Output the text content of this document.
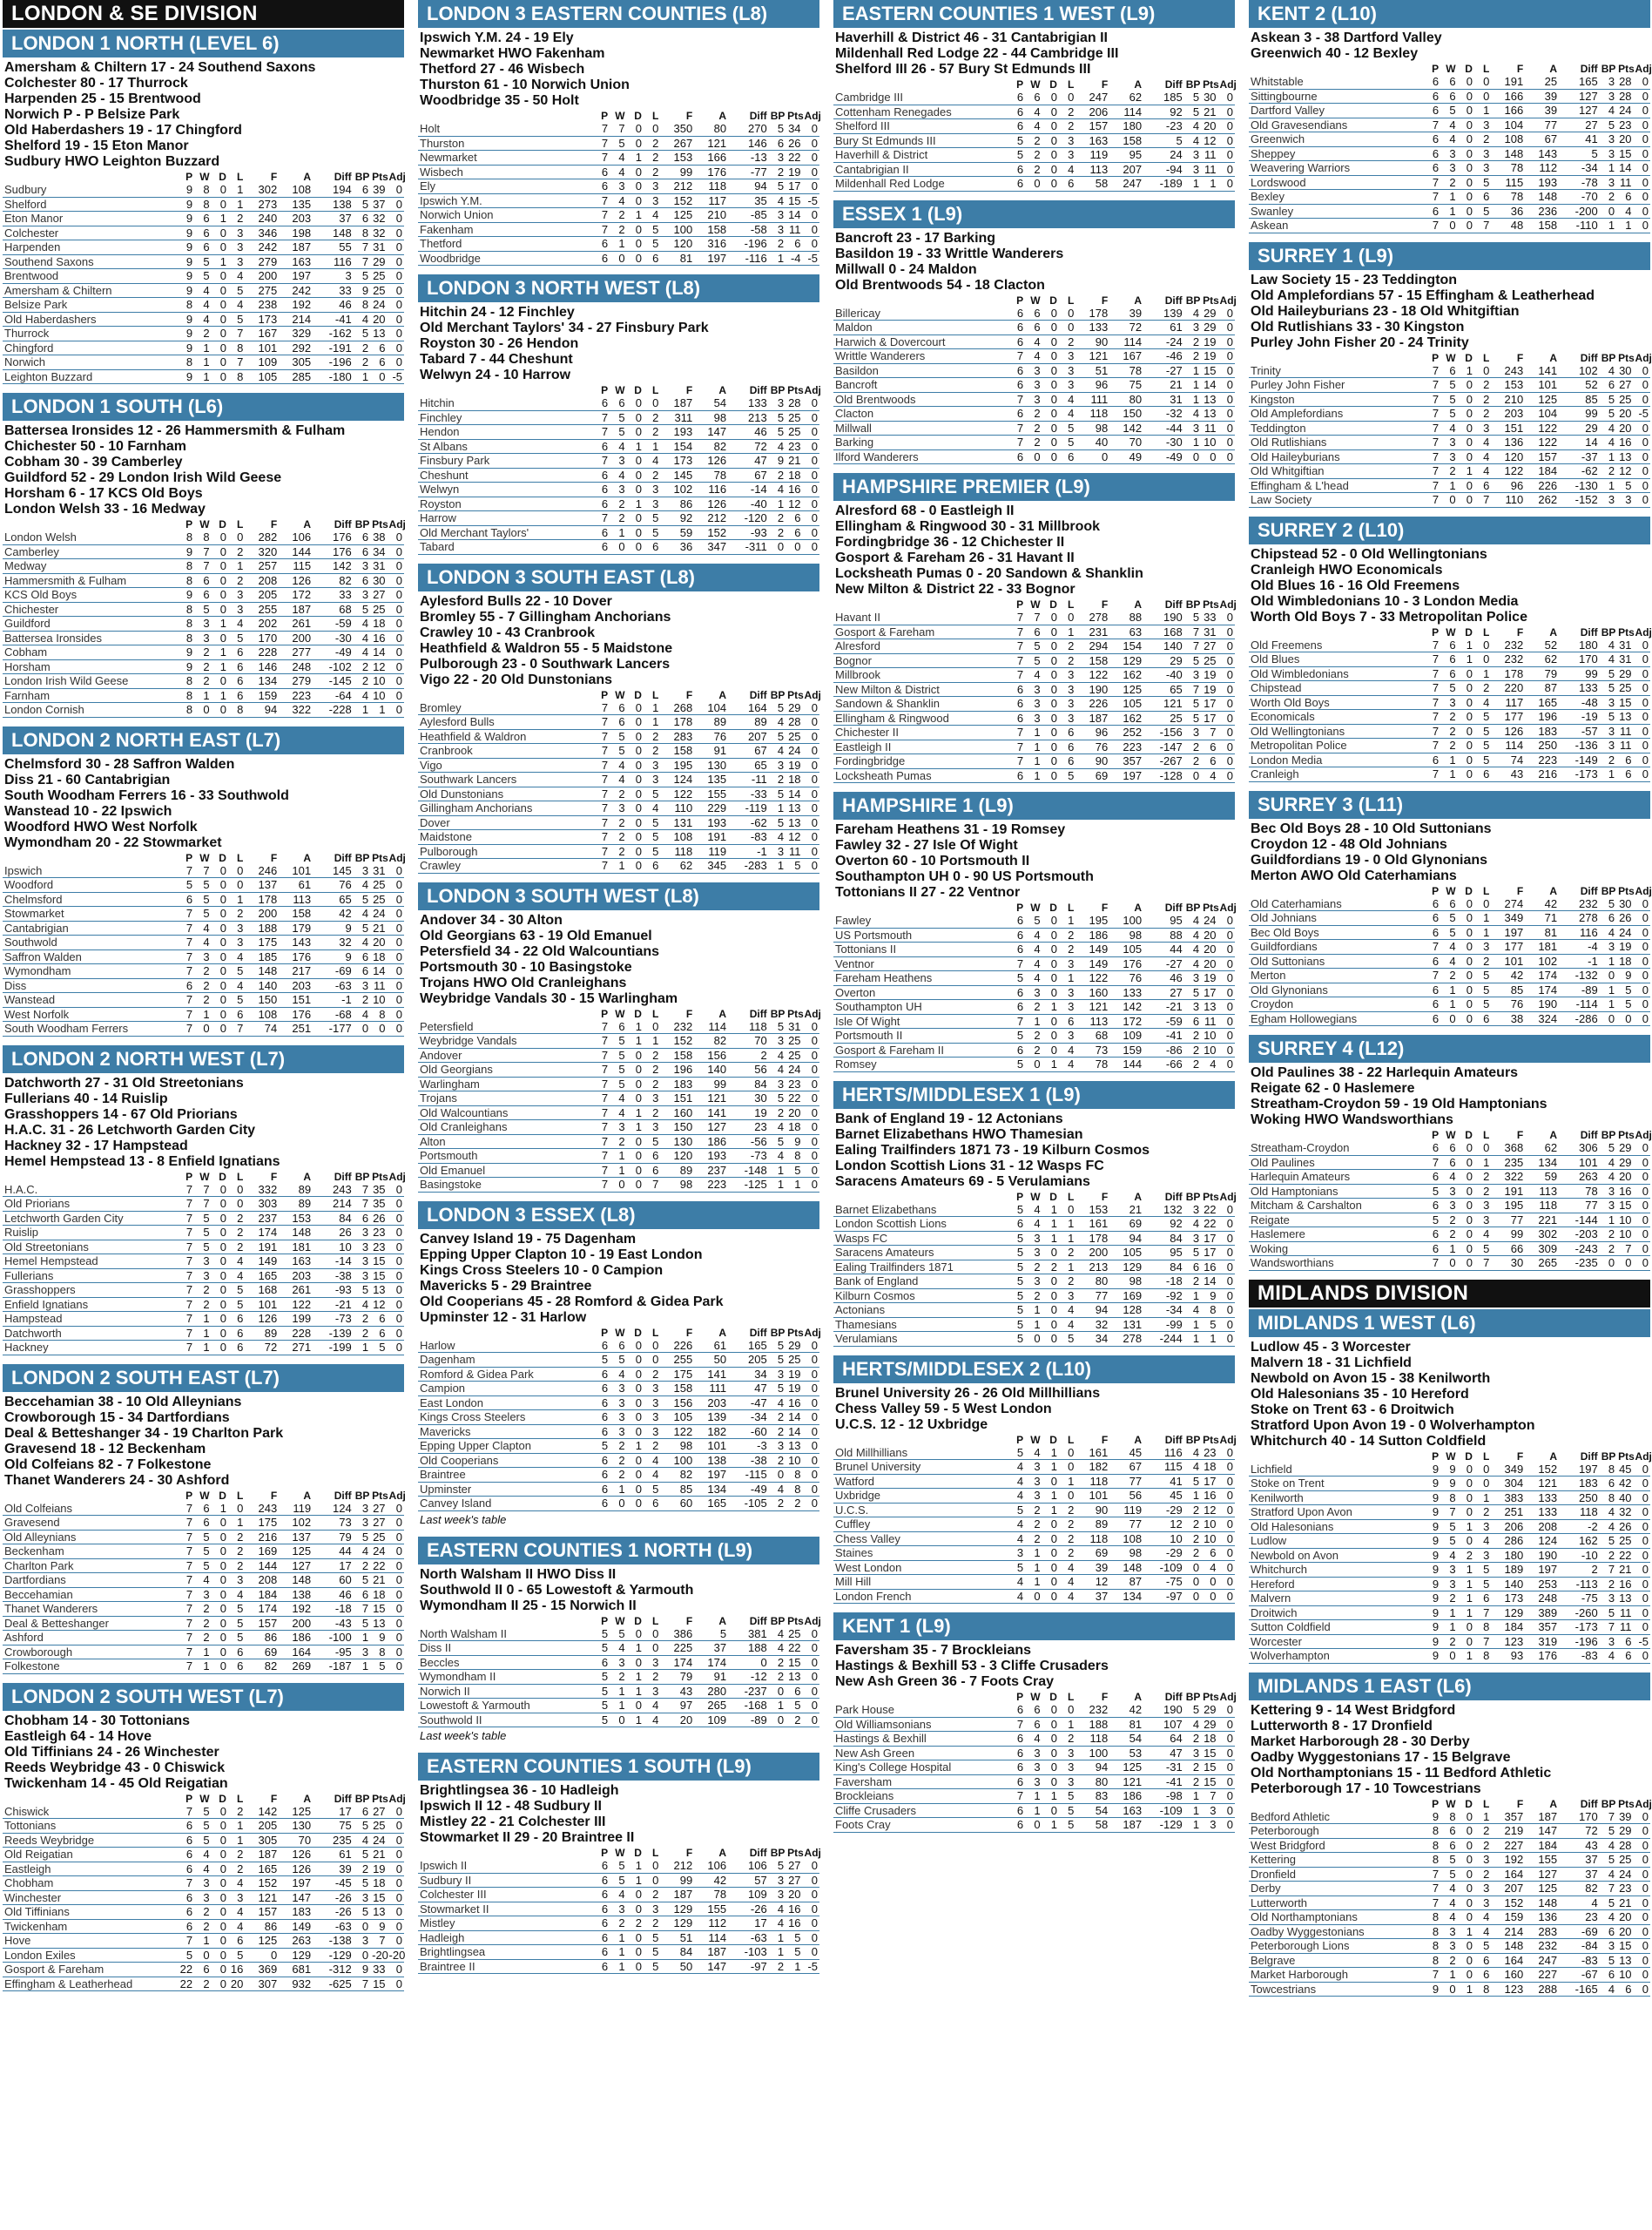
LONDON & SE DIVISION
LONDON 1 NORTH (LEVEL 6)
Amersham & Chiltern 17 - 24 Southend Saxons
Colchester 80 - 17 Thurrock
Harpenden 25 - 15 Brentwood
Norwich P - P Belsize Park
Old Haberdashers 19 - 17 Chingford
Shelford 19 - 15 Eton Manor
Sudbury HWO Leighton Buzzard
	P	W	D	L	F	A	Diff	BP	Pts	Adj
Sudbury	9	8	0	1	302	108	194	6	39	0
Shelford	9	8	0	1	273	135	138	5	37	0
Eton Manor	9	6	1	2	240	203	37	6	32	0
Colchester	9	6	0	3	346	198	148	8	32	0
Harpenden	9	6	0	3	242	187	55	7	31	0
Southend Saxons	9	5	1	3	279	163	116	7	29	0
Brentwood	9	5	0	4	200	197	3	5	25	0
Amersham & Chiltern	9	4	0	5	275	242	33	9	25	0
Belsize Park	8	4	0	4	238	192	46	8	24	0
Old Haberdashers	9	4	0	5	173	214	-41	4	20	0
Thurrock	9	2	0	7	167	329	-162	5	13	0
Chingford	9	1	0	8	101	292	-191	2	6	0
Norwich	8	1	0	7	109	305	-196	2	6	0
Leighton Buzzard	9	1	0	8	105	285	-180	1	0	-5
LONDON 1 SOUTH (L6)
Battersea Ironsides 12 - 26 Hammersmith & Fulham
Chichester 50 - 10 Farnham
Cobham 30 - 39 Camberley
Guildford 52 - 29 London Irish Wild Geese
Horsham 6 - 17 KCS Old Boys
London Welsh 33 - 16 Medway
	P	W	D	L	F	A	Diff	BP	Pts	Adj
London Welsh	8	8	0	0	282	106	176	6	38	0
Camberley	9	7	0	2	320	144	176	6	34	0
Medway	8	7	0	1	257	115	142	3	31	0
Hammersmith & Fulham	8	6	0	2	208	126	82	6	30	0
KCS Old Boys	9	6	0	3	205	172	33	3	27	0
Chichester	8	5	0	3	255	187	68	5	25	0
Guildford	8	3	1	4	202	261	-59	4	18	0
Battersea Ironsides	8	3	0	5	170	200	-30	4	16	0
Cobham	9	2	1	6	228	277	-49	4	14	0
Horsham	9	2	1	6	146	248	-102	2	12	0
London Irish Wild Geese	8	2	0	6	134	279	-145	2	10	0
Farnham	8	1	1	6	159	223	-64	4	10	0
London Cornish	8	0	0	8	94	322	-228	1	1	0
LONDON 2 NORTH EAST (L7)
Chelmsford 30 - 28 Saffron Walden
Diss 21 - 60 Cantabrigian
South Woodham Ferrers 16 - 33 Southwold
Wanstead 10 - 22 Ipswich
Woodford HWO West Norfolk
Wymondham 20 - 22 Stowmarket
	P	W	D	L	F	A	Diff	BP	Pts	Adj
Ipswich	7	7	0	0	246	101	145	3	31	0
Woodford	5	5	0	0	137	61	76	4	25	0
Chelmsford	6	5	0	1	178	113	65	5	25	0
Stowmarket	7	5	0	2	200	158	42	4	24	0
Cantabrigian	7	4	0	3	188	179	9	5	21	0
Southwold	7	4	0	3	175	143	32	4	20	0
Saffron Walden	7	3	0	4	185	176	9	6	18	0
Wymondham	7	2	0	5	148	217	-69	6	14	0
Diss	6	2	0	4	140	203	-63	3	11	0
Wanstead	7	2	0	5	150	151	-1	2	10	0
West Norfolk	7	1	0	6	108	176	-68	4	8	0
South Woodham Ferrers	7	0	0	7	74	251	-177	0	0	0
LONDON 2 NORTH WEST (L7)
Datchworth 27 - 31 Old Streetonians
Fullerians 40 - 14 Ruislip
Grasshoppers 14 - 67 Old Priorians
H.A.C. 31 - 26 Letchworth Garden City
Hackney 32 - 17 Hampstead
Hemel Hempstead 13 - 8 Enfield Ignatians
	P	W	D	L	F	A	Diff	BP	Pts	Adj
H.A.C.	7	7	0	0	332	89	243	7	35	0
Old Priorians	7	7	0	0	303	89	214	7	35	0
Letchworth Garden City	7	5	0	2	237	153	84	6	26	0
Ruislip	7	5	0	2	174	148	26	3	23	0
Old Streetonians	7	5	0	2	191	181	10	3	23	0
Hemel Hempstead	7	3	0	4	149	163	-14	3	15	0
Fullerians	7	3	0	4	165	203	-38	3	15	0
Grasshoppers	7	2	0	5	168	261	-93	5	13	0
Enfield Ignatians	7	2	0	5	101	122	-21	4	12	0
Hampstead	7	1	0	6	126	199	-73	2	6	0
Datchworth	7	1	0	6	89	228	-139	2	6	0
Hackney	7	1	0	6	72	271	-199	1	5	0
LONDON 2 SOUTH EAST (L7)
Beccehamian 38 - 10 Old Alleynians
Crowborough 15 - 34 Dartfordians
Deal & Betteshanger 34 - 19 Charlton Park
Gravesend 18 - 12 Beckenham
Old Colfeians 82 - 7 Folkestone
Thanet Wanderers 24 - 30 Ashford
	P	W	D	L	F	A	Diff	BP	Pts	Adj
Old Colfeians	7	6	1	0	243	119	124	3	27	0
Gravesend	7	6	0	1	175	102	73	3	27	0
Old Alleynians	7	5	0	2	216	137	79	5	25	0
Beckenham	7	5	0	2	169	125	44	4	24	0
Charlton Park	7	5	0	2	144	127	17	2	22	0
Dartfordians	7	4	0	3	208	148	60	5	21	0
Beccehamian	7	3	0	4	184	138	46	6	18	0
Thanet Wanderers	7	2	0	5	174	192	-18	7	15	0
Deal & Betteshanger	7	2	0	5	157	200	-43	5	13	0
Ashford	7	2	0	5	86	186	-100	1	9	0
Crowborough	7	1	0	6	69	164	-95	3	8	0
Folkestone	7	1	0	6	82	269	-187	1	5	0
LONDON 2 SOUTH WEST (L7)
Chobham 14 - 30 Tottonians
Eastleigh 64 - 14 Hove
Old Tiffinians 24 - 26 Winchester
Reeds Weybridge 43 - 0 Chiswick
Twickenham 14 - 45 Old Reigatian
	P	W	D	L	F	A	Diff	BP	Pts	Adj
Chiswick	7	5	0	2	142	125	17	6	27	0
Tottonians	6	5	0	1	205	130	75	5	25	0
Reeds Weybridge	6	5	0	1	305	70	235	4	24	0
Old Reigatian	6	4	0	2	187	126	61	5	21	0
Eastleigh	6	4	0	2	165	126	39	2	19	0
Chobham	7	3	0	4	152	197	-45	5	18	0
Winchester	6	3	0	3	121	147	-26	3	15	0
Old Tiffinians	6	2	0	4	157	183	-26	5	13	0
Twickenham	6	2	0	4	86	149	-63	0	9	0
Hove	7	1	0	6	125	263	-138	3	7	0
London Exiles	5	0	0	5	0	129	-129	0	-20	-20
Gosport & Fareham	22	6	0	16	369	681	-312	9	33	0
Effingham & Leatherhead	22	2	0	20	307	932	-625	7	15	0
LONDON 3 EASTERN COUNTIES (L8)
Ipswich Y.M. 24 - 19 Ely
Newmarket HWO Fakenham
Thetford 27 - 46 Wisbech
Thurston 61 - 10 Norwich Union
Woodbridge 35 - 50 Holt
	P	W	D	L	F	A	Diff	BP	Pts	Adj
Holt	7	7	0	0	350	80	270	5	34	0
Thurston	7	5	0	2	267	121	146	6	26	0
Newmarket	7	4	1	2	153	166	-13	3	22	0
Wisbech	6	4	0	2	99	176	-77	2	19	0
Ely	6	3	0	3	212	118	94	5	17	0
Ipswich Y.M.	7	4	0	3	152	117	35	4	15	-5
Norwich Union	7	2	1	4	125	210	-85	3	14	0
Fakenham	7	2	0	5	100	158	-58	3	11	0
Thetford	6	1	0	5	120	316	-196	2	6	0
Woodbridge	6	0	0	6	81	197	-116	1	-4	-5
LONDON 3 NORTH WEST (L8)
Hitchin 24 - 12 Finchley
Old Merchant Taylors' 34 - 27 Finsbury Park
Royston 30 - 26 Hendon
Tabard 7 - 44 Cheshunt
Welwyn 24 - 10 Harrow
	P	W	D	L	F	A	Diff	BP	Pts	Adj
Hitchin	6	6	0	0	187	54	133	3	28	0
Finchley	7	5	0	2	311	98	213	5	25	0
Hendon	7	5	0	2	193	147	46	5	25	0
St Albans	6	4	1	1	154	82	72	4	23	0
Finsbury Park	7	3	0	4	173	126	47	9	21	0
Cheshunt	6	4	0	2	145	78	67	2	18	0
Welwyn	6	3	0	3	102	116	-14	4	16	0
Royston	6	2	1	3	86	126	-40	1	12	0
Harrow	7	2	0	5	92	212	-120	2	6	0
Old Merchant Taylors'	6	1	0	5	59	152	-93	2	6	0
Tabard	6	0	0	6	36	347	-311	0	0	0
LONDON 3 SOUTH EAST (L8)
Aylesford Bulls 22 - 10 Dover
Bromley 55 - 7 Gillingham Anchorians
Crawley 10 - 43 Cranbrook
Heathfield & Waldron 55 - 5 Maidstone
Pulborough 23 - 0 Southwark Lancers
Vigo 22 - 20 Old Dunstonians
	P	W	D	L	F	A	Diff	BP	Pts	Adj
Bromley	7	6	0	1	268	104	164	5	29	0
Aylesford Bulls	7	6	0	1	178	89	89	4	28	0
Heathfield & Waldron	7	5	0	2	283	76	207	5	25	0
Cranbrook	7	5	0	2	158	91	67	4	24	0
Vigo	7	4	0	3	195	130	65	3	19	0
Southwark Lancers	7	4	0	3	124	135	-11	2	18	0
Old Dunstonians	7	2	0	5	122	155	-33	5	14	0
Gillingham Anchorians	7	3	0	4	110	229	-119	1	13	0
Dover	7	2	0	5	131	193	-62	5	13	0
Maidstone	7	2	0	5	108	191	-83	4	12	0
Pulborough	7	2	0	5	118	119	-1	3	11	0
Crawley	7	1	0	6	62	345	-283	1	5	0
LONDON 3 SOUTH WEST (L8)
Andover 34 - 30 Alton
Old Georgians 63 - 19 Old Emanuel
Petersfield 34 - 22 Old Walcountians
Portsmouth 30 - 10 Basingstoke
Trojans HWO Old Cranleighans
Weybridge Vandals 30 - 15 Warlingham
	P	W	D	L	F	A	Diff	BP	Pts	Adj
Petersfield	7	6	1	0	232	114	118	5	31	0
Weybridge Vandals	7	5	1	1	152	82	70	3	25	0
Andover	7	5	0	2	158	156	2	4	25	0
Old Georgians	7	5	0	2	196	140	56	4	24	0
Warlingham	7	5	0	2	183	99	84	3	23	0
Trojans	7	4	0	3	151	121	30	5	22	0
Old Walcountians	7	4	1	2	160	141	19	2	20	0
Old Cranleighans	7	3	1	3	150	127	23	4	18	0
Alton	7	2	0	5	130	186	-56	5	9	0
Portsmouth	7	1	0	6	120	193	-73	4	8	0
Old Emanuel	7	1	0	6	89	237	-148	1	5	0
Basingstoke	7	0	0	7	98	223	-125	1	1	0
LONDON 3 ESSEX (L8)
Canvey Island 19 - 75 Dagenham
Epping Upper Clapton 10 - 19 East London
Kings Cross Steelers 10 - 0 Campion
Mavericks 5 - 29 Braintree
Old Cooperians 45 - 28 Romford & Gidea Park
Upminster 12 - 31 Harlow
	P	W	D	L	F	A	Diff	BP	Pts	Adj
Harlow	6	6	0	0	226	61	165	5	29	0
Dagenham	5	5	0	0	255	50	205	5	25	0
Romford & Gidea Park	6	4	0	2	175	141	34	3	19	0
Campion	6	3	0	3	158	111	47	5	19	0
East London	6	3	0	3	156	203	-47	4	16	0
Kings Cross Steelers	6	3	0	3	105	139	-34	2	14	0
Mavericks	6	3	0	3	122	182	-60	2	14	0
Epping Upper Clapton	5	2	1	2	98	101	-3	3	13	0
Old Cooperians	6	2	0	4	100	138	-38	2	10	0
Braintree	6	2	0	4	82	197	-115	0	8	0
Upminster	6	1	0	5	85	134	-49	4	8	0
Canvey Island	6	0	0	6	60	165	-105	2	2	0
Last week's table
EASTERN COUNTIES 1 NORTH (L9)
North Walsham II HWO Diss II
Southwold II 0 - 65 Lowestoft & Yarmouth
Wymondham II 25 - 15 Norwich II
	P	W	D	L	F	A	Diff	BP	Pts	Adj
North Walsham II	5	5	0	0	386	5	381	4	25	0
Diss II	5	4	1	0	225	37	188	4	22	0
Beccles	6	3	0	3	174	174	0	2	15	0
Wymondham II	5	2	1	2	79	91	-12	2	13	0
Norwich II	5	1	1	3	43	280	-237	0	6	0
Lowestoft & Yarmouth	5	1	0	4	97	265	-168	1	5	0
Southwold II	5	0	1	4	20	109	-89	0	2	0
Last week's table
EASTERN COUNTIES 1 SOUTH (L9)
Brightlingsea 36 - 10 Hadleigh
Ipswich II 12 - 48 Sudbury II
Mistley 22 - 21 Colchester III
Stowmarket II 29 - 20 Braintree II
	P	W	D	L	F	A	Diff	BP	Pts	Adj
Ipswich II	6	5	1	0	212	106	106	5	27	0
Sudbury II	6	5	1	0	99	42	57	3	27	0
Colchester III	6	4	0	2	187	78	109	3	20	0
Stowmarket II	6	3	0	3	129	155	-26	4	16	0
Mistley	6	2	2	2	129	112	17	4	16	0
Hadleigh	6	1	0	5	51	114	-63	1	5	0
Brightlingsea	6	1	0	5	84	187	-103	1	5	0
Braintree II	6	1	0	5	50	147	-97	2	1	-5
EASTERN COUNTIES 1 WEST (L9)
Haverhill & District 46 - 31 Cantabrigian II
Mildenhall Red Lodge 22 - 44 Cambridge III
Shelford III 26 - 57 Bury St Edmunds III
	P	W	D	L	F	A	Diff	BP	Pts	Adj
Cambridge III	6	6	0	0	247	62	185	5	30	0
Cottenham Renegades	6	4	0	2	206	114	92	5	21	0
Shelford III	6	4	0	2	157	180	-23	4	20	0
Bury St Edmunds III	5	2	0	3	163	158	5	4	12	0
Haverhill & District	5	2	0	3	119	95	24	3	11	0
Cantabrigian II	6	2	0	4	113	207	-94	3	11	0
Mildenhall Red Lodge	6	0	0	6	58	247	-189	1	1	0
ESSEX 1 (L9)
Bancroft 23 - 17 Barking
Basildon 19 - 33 Writtle Wanderers
Millwall 0 - 24 Maldon
Old Brentwoods 54 - 18 Clacton
	P	W	D	L	F	A	Diff	BP	Pts	Adj
Billericay	6	6	0	0	178	39	139	4	29	0
Maldon	6	6	0	0	133	72	61	3	29	0
Harwich & Dovercourt	6	4	0	2	90	114	-24	2	19	0
Writtle Wanderers	7	4	0	3	121	167	-46	2	19	0
Basildon	6	3	0	3	51	78	-27	1	15	0
Bancroft	6	3	0	3	96	75	21	1	14	0
Old Brentwoods	7	3	0	4	111	80	31	1	13	0
Clacton	6	2	0	4	118	150	-32	4	13	0
Millwall	7	2	0	5	98	142	-44	3	11	0
Barking	7	2	0	5	40	70	-30	1	10	0
Ilford Wanderers	6	0	0	6	0	49	-49	0	0	0
HAMPSHIRE PREMIER (L9)
Alresford 68 - 0 Eastleigh II
Ellingham & Ringwood 30 - 31 Millbrook
Fordingbridge 36 - 12 Chichester II
Gosport & Fareham 26 - 31 Havant II
Locksheath Pumas 0 - 20 Sandown & Shanklin
New Milton & District 22 - 33 Bognor
	P	W	D	L	F	A	Diff	BP	Pts	Adj
Havant II	7	7	0	0	278	88	190	5	33	0
Gosport & Fareham	7	6	0	1	231	63	168	7	31	0
Alresford	7	5	0	2	294	154	140	7	27	0
Bognor	7	5	0	2	158	129	29	5	25	0
Millbrook	7	4	0	3	122	162	-40	3	19	0
New Milton & District	6	3	0	3	190	125	65	7	19	0
Sandown & Shanklin	6	3	0	3	226	105	121	5	17	0
Ellingham & Ringwood	6	3	0	3	187	162	25	5	17	0
Chichester II	7	1	0	6	96	252	-156	3	7	0
Eastleigh II	7	1	0	6	76	223	-147	2	6	0
Fordingbridge	7	1	0	6	90	357	-267	2	6	0
Locksheath Pumas	6	1	0	5	69	197	-128	0	4	0
HAMPSHIRE 1 (L9)
Fareham Heathens 31 - 19 Romsey
Fawley 32 - 27 Isle Of Wight
Overton 60 - 10 Portsmouth II
Southampton UH 0 - 90 US Portsmouth
Tottonians II 27 - 22 Ventnor
	P	W	D	L	F	A	Diff	BP	Pts	Adj
Fawley	6	5	0	1	195	100	95	4	24	0
US Portsmouth	6	4	0	2	186	98	88	4	20	0
Tottonians II	6	4	0	2	149	105	44	4	20	0
Ventnor	7	4	0	3	149	176	-27	4	20	0
Fareham Heathens	5	4	0	1	122	76	46	3	19	0
Overton	6	3	0	3	160	133	27	5	17	0
Southampton UH	6	2	1	3	121	142	-21	3	13	0
Isle Of Wight	7	1	0	6	113	172	-59	6	11	0
Portsmouth II	5	2	0	3	68	109	-41	2	10	0
Gosport & Fareham II	6	2	0	4	73	159	-86	2	10	0
Romsey	5	0	1	4	78	144	-66	2	4	0
HERTS/MIDDLESEX 1 (L9)
Bank of England 19 - 12 Actonians
Barnet Elizabethans HWO Thamesian
Ealing Trailfinders 1871 73 - 19 Kilburn Cosmos
London Scottish Lions 31 - 12 Wasps FC
Saracens Amateurs 69 - 5 Verulamians
	P	W	D	L	F	A	Diff	BP	Pts	Adj
Barnet Elizabethans	5	4	1	0	153	21	132	3	22	0
London Scottish Lions	6	4	1	1	161	69	92	4	22	0
Wasps FC	5	3	1	1	178	94	84	3	17	0
Saracens Amateurs	5	3	0	2	200	105	95	5	17	0
Ealing Trailfinders 1871	5	2	2	1	213	129	84	6	16	0
Bank of England	5	3	0	2	80	98	-18	2	14	0
Kilburn Cosmos	5	2	0	3	77	169	-92	1	9	0
Actonians	5	1	0	4	94	128	-34	4	8	0
Thamesians	5	1	0	4	32	131	-99	1	5	0
Verulamians	5	0	0	5	34	278	-244	1	1	0
HERTS/MIDDLESEX 2 (L10)
Brunel University 26 - 26 Old Millhillians
Chess Valley 59 - 5 West London
U.C.S. 12 - 12 Uxbridge
	P	W	D	L	F	A	Diff	BP	Pts	Adj
Old Millhillians	5	4	1	0	161	45	116	4	23	0
Brunel University	4	3	1	0	182	67	115	4	18	0
Watford	4	3	0	1	118	77	41	5	17	0
Uxbridge	4	3	1	0	101	56	45	1	16	0
U.C.S.	5	2	1	2	90	119	-29	2	12	0
Cuffley	4	2	0	2	89	77	12	2	10	0
Chess Valley	4	2	0	2	118	108	10	2	10	0
Staines	3	1	0	2	69	98	-29	2	6	0
West London	5	1	0	4	39	148	-109	0	4	0
Mill Hill	4	1	0	4	12	87	-75	0	0	0
London French	4	0	0	4	37	134	-97	0	0	0
KENT 1 (L9)
Faversham 35 - 7 Brockleians
Hastings & Bexhill 53 - 3 Cliffe Crusaders
New Ash Green 36 - 7 Foots Cray
	P	W	D	L	F	A	Diff	BP	Pts	Adj
Park House	6	6	0	0	232	42	190	5	29	0
Old Williamsonians	7	6	0	1	188	81	107	4	29	0
Hastings & Bexhill	6	4	0	2	118	54	64	2	18	0
New Ash Green	6	3	0	3	100	53	47	3	15	0
King's College Hospital	6	3	0	3	94	125	-31	2	15	0
Faversham	6	3	0	3	80	121	-41	2	15	0
Brockleians	7	1	1	5	83	186	-98	1	7	0
Cliffe Crusaders	6	1	0	5	54	163	-109	1	3	0
Foots Cray	6	0	1	5	58	187	-129	1	3	0
KENT 2 (L10)
Askean 3 - 38 Dartford Valley
Greenwich 40 - 12 Bexley
	P	W	D	L	F	A	Diff	BP	Pts	Adj
Whitstable	6	6	0	0	191	25	165	3	28	0
Sittingbourne	6	6	0	0	166	39	127	3	28	0
Dartford Valley	6	5	0	1	166	39	127	4	24	0
Old Gravesendians	7	4	0	3	104	77	27	5	23	0
Greenwich	6	4	0	2	108	67	41	3	20	0
Sheppey	6	3	0	3	148	143	5	3	15	0
Weavering Warriors	6	3	0	3	78	112	-34	1	14	0
Lordswood	7	2	0	5	115	193	-78	3	11	0
Bexley	7	1	0	6	78	148	-70	2	6	0
Swanley	6	1	0	5	36	236	-200	0	4	0
Askean	7	0	0	7	48	158	-110	1	1	0
SURREY 1 (L9)
Law Society 15 - 23 Teddington
Old Amplefordians 57 - 15 Effingham & Leatherhead
Old Haileyburians 23 - 18 Old Whitgiftian
Old Rutlishians 33 - 30 Kingston
Purley John Fisher 20 - 24 Trinity
	P	W	D	L	F	A	Diff	BP	Pts	Adj
Trinity	7	6	1	0	243	141	102	4	30	0
Purley John Fisher	7	5	0	2	153	101	52	6	27	0
Kingston	7	5	0	2	210	125	85	5	25	0
Old Amplefordians	7	5	0	2	203	104	99	5	20	-5
Teddington	7	4	0	3	151	122	29	4	20	0
Old Rutlishians	7	3	0	4	136	122	14	4	16	0
Old Haileyburians	7	3	0	4	120	157	-37	1	13	0
Old Whitgiftian	7	2	1	4	122	184	-62	2	12	0
Effingham & L'head	7	1	0	6	96	226	-130	1	5	0
Law Society	7	0	0	7	110	262	-152	3	3	0
SURREY 2 (L10)
Chipstead 52 - 0 Old Wellingtonians
Cranleigh HWO Economicals
Old Blues 16 - 16 Old Freemens
Old Wimbledonians 10 - 3 London Media
Worth Old Boys 7 - 33 Metropolitan Police
	P	W	D	L	F	A	Diff	BP	Pts	Adj
Old Freemens	7	6	1	0	232	52	180	4	31	0
Old Blues	7	6	1	0	232	62	170	4	31	0
Old Wimbledonians	7	6	0	1	178	79	99	5	29	0
Chipstead	7	5	0	2	220	87	133	5	25	0
Worth Old Boys	7	3	0	4	117	165	-48	3	15	0
Economicals	7	2	0	5	177	196	-19	5	13	0
Old Wellingtonians	7	2	0	5	126	183	-57	3	11	0
Metropolitan Police	7	2	0	5	114	250	-136	3	11	0
London Media	6	1	0	5	74	223	-149	2	6	0
Cranleigh	7	1	0	6	43	216	-173	1	6	0
SURREY 3 (L11)
Bec Old Boys 28 - 10 Old Suttonians
Croydon 12 - 48 Old Johnians
Guildfordians 19 - 0 Old Glynonians
Merton AWO Old Caterhamians
	P	W	D	L	F	A	Diff	BP	Pts	Adj
Old Caterhamians	6	6	0	0	274	42	232	5	30	0
Old Johnians	6	5	0	1	349	71	278	6	26	0
Bec Old Boys	6	5	0	1	197	81	116	4	24	0
Guildfordians	7	4	0	3	177	181	-4	3	19	0
Old Suttonians	6	4	0	2	101	102	-1	1	18	0
Merton	7	2	0	5	42	174	-132	0	9	0
Old Glynonians	6	1	0	5	85	174	-89	1	5	0
Croydon	6	1	0	5	76	190	-114	1	5	0
Egham Hollowegians	6	0	0	6	38	324	-286	0	0	0
SURREY 4 (L12)
Old Paulines 38 - 22 Harlequin Amateurs
Reigate 62 - 0 Haslemere
Streatham-Croydon 59 - 19 Old Hamptonians
Woking HWO Wandsworthians
	P	W	D	L	F	A	Diff	BP	Pts	Adj
Streatham-Croydon	6	6	0	0	368	62	306	5	29	0
Old Paulines	7	6	0	1	235	134	101	4	29	0
Harlequin Amateurs	6	4	0	2	322	59	263	4	20	0
Old Hamptonians	5	3	0	2	191	113	78	3	16	0
Mitcham & Carshalton	6	3	0	3	195	118	77	3	15	0
Reigate	5	2	0	3	77	221	-144	1	10	0
Haslemere	6	2	0	4	99	302	-203	2	10	0
Woking	6	1	0	5	66	309	-243	2	7	0
Wandsworthians	7	0	0	7	30	265	-235	0	0	0
MIDLANDS DIVISION
MIDLANDS 1 WEST (L6)
Ludlow 45 - 3 Worcester
Malvern 18 - 31 Lichfield
Newbold on Avon 15 - 38 Kenilworth
Old Halesonians 35 - 10 Hereford
Stoke on Trent 63 - 6 Droitwich
Stratford Upon Avon 19 - 0 Wolverhampton
Whitchurch 40 - 14 Sutton Coldfield
	P	W	D	L	F	A	Diff	BP	Pts	Adj
Lichfield	9	9	0	0	349	152	197	8	45	0
Stoke on Trent	9	9	0	0	304	121	183	6	42	0
Kenilworth	9	8	0	1	383	133	250	8	40	0
Stratford Upon Avon	9	7	0	2	251	133	118	4	32	0
Old Halesonians	9	5	1	3	206	208	-2	4	26	0
Ludlow	9	5	0	4	286	124	162	5	25	0
Newbold on Avon	9	4	2	3	180	190	-10	2	22	0
Whitchurch	9	3	1	5	189	197	2	7	21	0
Hereford	9	3	1	5	140	253	-113	2	16	0
Malvern	9	2	1	6	173	248	-75	3	13	0
Droitwich	9	1	1	7	129	389	-260	5	11	0
Sutton Coldfield	9	1	0	8	184	357	-173	7	11	0
Worcester	9	2	0	7	123	319	-196	3	6	-5
Wolverhampton	9	0	1	8	93	176	-83	4	6	0
MIDLANDS 1 EAST (L6)
Kettering 9 - 14 West Bridgford
Lutterworth 8 - 17 Dronfield
Market Harborough 28 - 30 Derby
Oadby Wyggestonians 17 - 15 Belgrave
Old Northamptonians 15 - 11 Bedford Athletic
Peterborough 17 - 10 Towcestrians
	P	W	D	L	F	A	Diff	BP	Pts	Adj
Bedford Athletic	9	8	0	1	357	187	170	7	39	0
Peterborough	8	6	0	2	219	147	72	5	29	0
West Bridgford	8	6	0	2	227	184	43	4	28	0
Kettering	8	5	0	3	192	155	37	5	25	0
Dronfield	7	5	0	2	164	127	37	4	24	0
Derby	7	4	0	3	207	125	82	7	23	0
Lutterworth	7	4	0	3	152	148	4	5	21	0
Old Northamptonians	8	4	0	4	159	136	23	4	20	0
Oadby Wyggestonians	8	3	1	4	214	283	-69	6	20	0
Peterborough Lions	8	3	0	5	148	232	-84	3	15	0
Belgrave	8	2	0	6	164	247	-83	5	13	0
Market Harborough	7	1	0	6	160	227	-67	6	10	0
Towcestrians	9	0	1	8	123	288	-165	4	6	0
